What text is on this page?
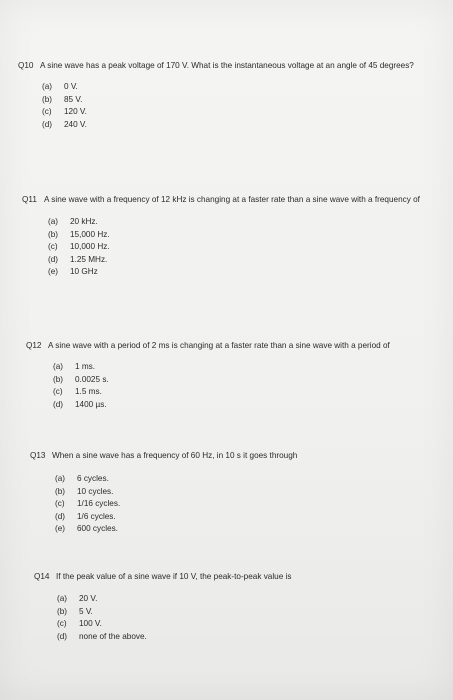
Q10 A sine wave has a peak voltage of 170 V. What is the instantaneous voltage at an angle of 45 degrees?
(a)	0 V.
(b)	85 V.
(c)	120 V.
(d)	240 V.
Q11 A sine wave with a frequency of 12 kHz is changing at a faster rate than a sine wave with a frequency of
(a)	20 kHz.
(b)	15,000 Hz.
(c)	10,000 Hz.
(d)	1.25 MHz.
(e)	10 GHz
Q12 A sine wave with a period of 2 ms is changing at a faster rate than a sine wave with a period of
(a)	1 ms.
(b)	0.0025 s.
(c)	1.5 ms.
(d)	1400 µs.
Q13 When a sine wave has a frequency of 60 Hz, in 10 s it goes through
(a)	6 cycles.
(b)	10 cycles.
(c)	1/16 cycles.
(d)	1/6 cycles.
(e)	600 cycles.
Q14 If the peak value of a sine wave if 10 V, the peak-to-peak value is
(a)	20 V.
(b)	5 V.
(c)	100 V.
(d)	none of the above.
